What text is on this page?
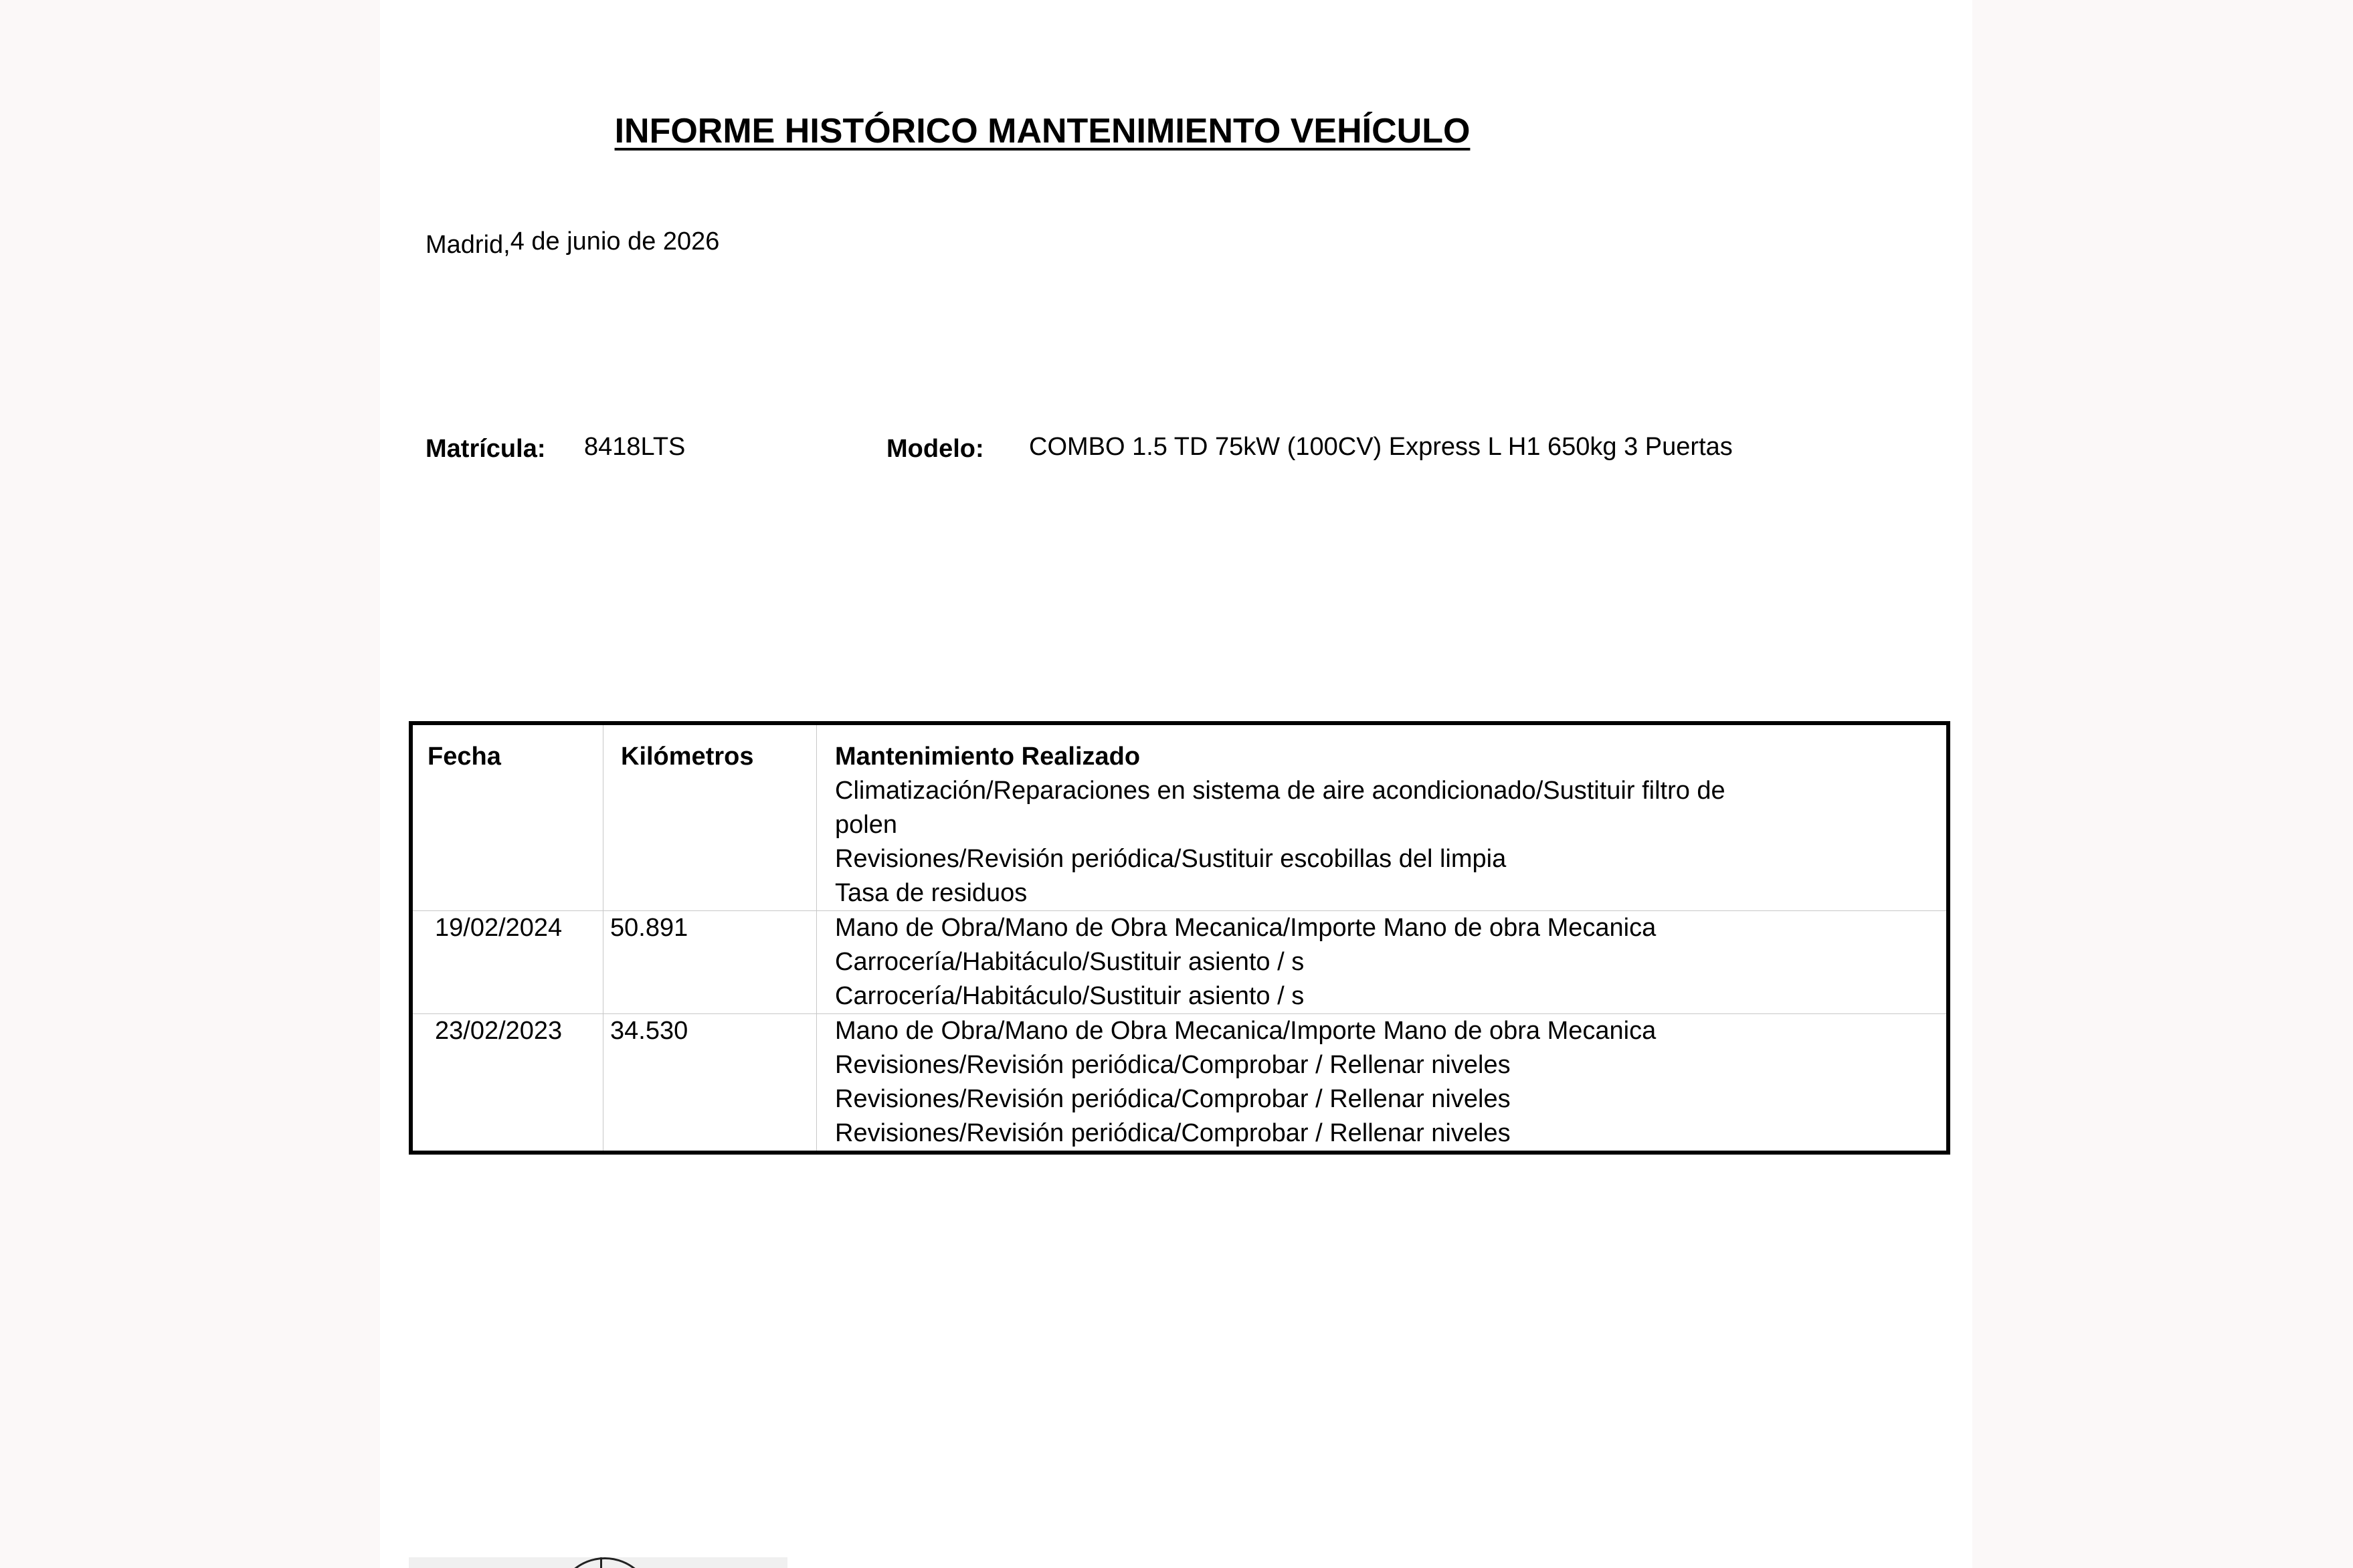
INFORME HISTÓRICO MANTENIMIENTO VEHÍCULO
Madrid,4 de junio de 2026
Matrícula: 8418LTS	Modelo: COMBO 1.5 TD 75kW (100CV) Express L H1 650kg 3 Puertas
Fecha	Kilómetros	Mantenimiento Realizado
Climatización/Reparaciones en sistema de aire acondicionado/Sustituir filtro de polen
Revisiones/Revisión periódica/Sustituir escobillas del limpia
Tasa de residuos

19/02/2024	50.891	Mano de Obra/Mano de Obra Mecanica/Importe Mano de obra Mecanica
Carrocería/Habitáculo/Sustituir asiento / s
Carrocería/Habitáculo/Sustituir asiento / s

23/02/2023	34.530	Mano de Obra/Mano de Obra Mecanica/Importe Mano de obra Mecanica
Revisiones/Revisión periódica/Comprobar / Rellenar niveles
Revisiones/Revisión periódica/Comprobar / Rellenar niveles
Revisiones/Revisión periódica/Comprobar / Rellenar niveles
